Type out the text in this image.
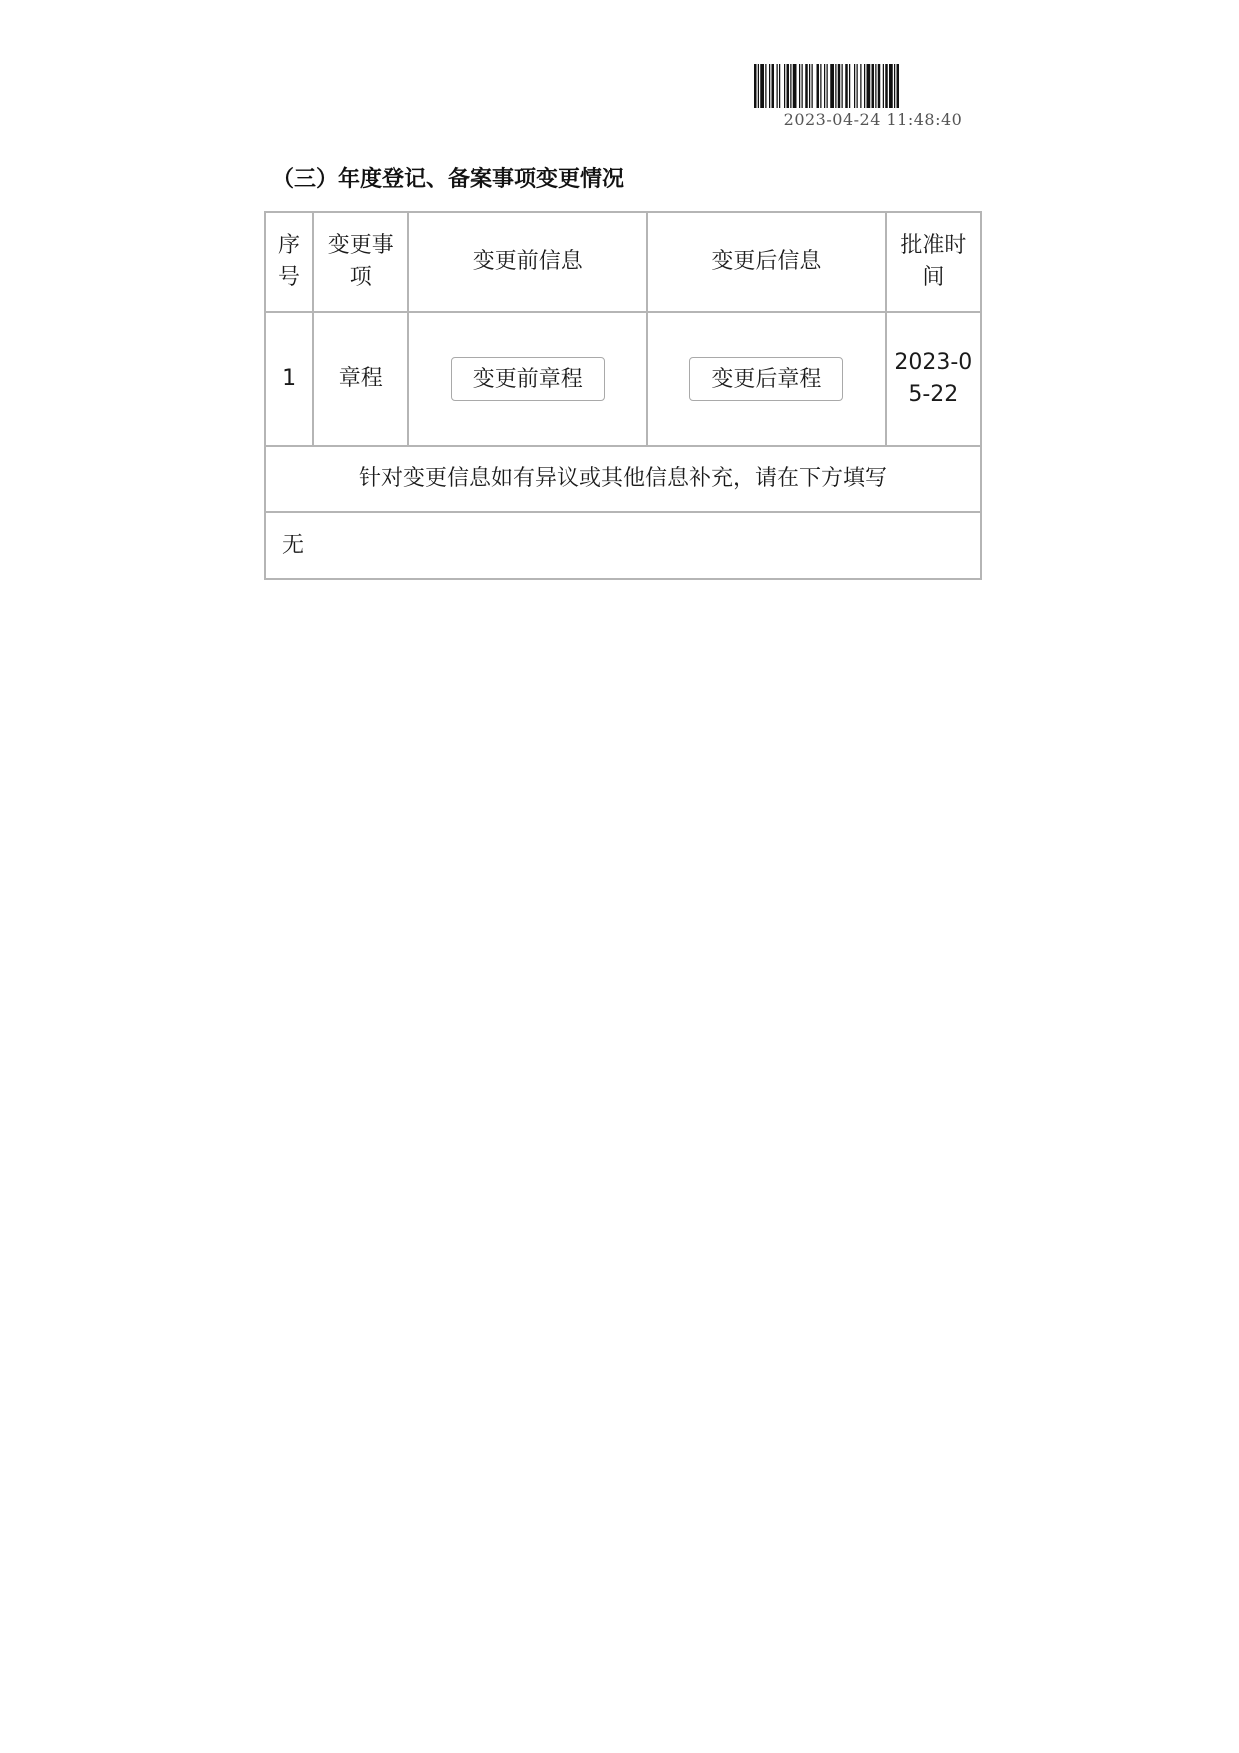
2023-04-24 11:48:40
（三）年度登记、备案事项变更情况
序号	变更事项	变更前信息	变更后信息	批准时间
1	章程	变更前章程	变更后章程	2023-05-22
针对变更信息如有异议或其他信息补充，请在下方填写				
无				
